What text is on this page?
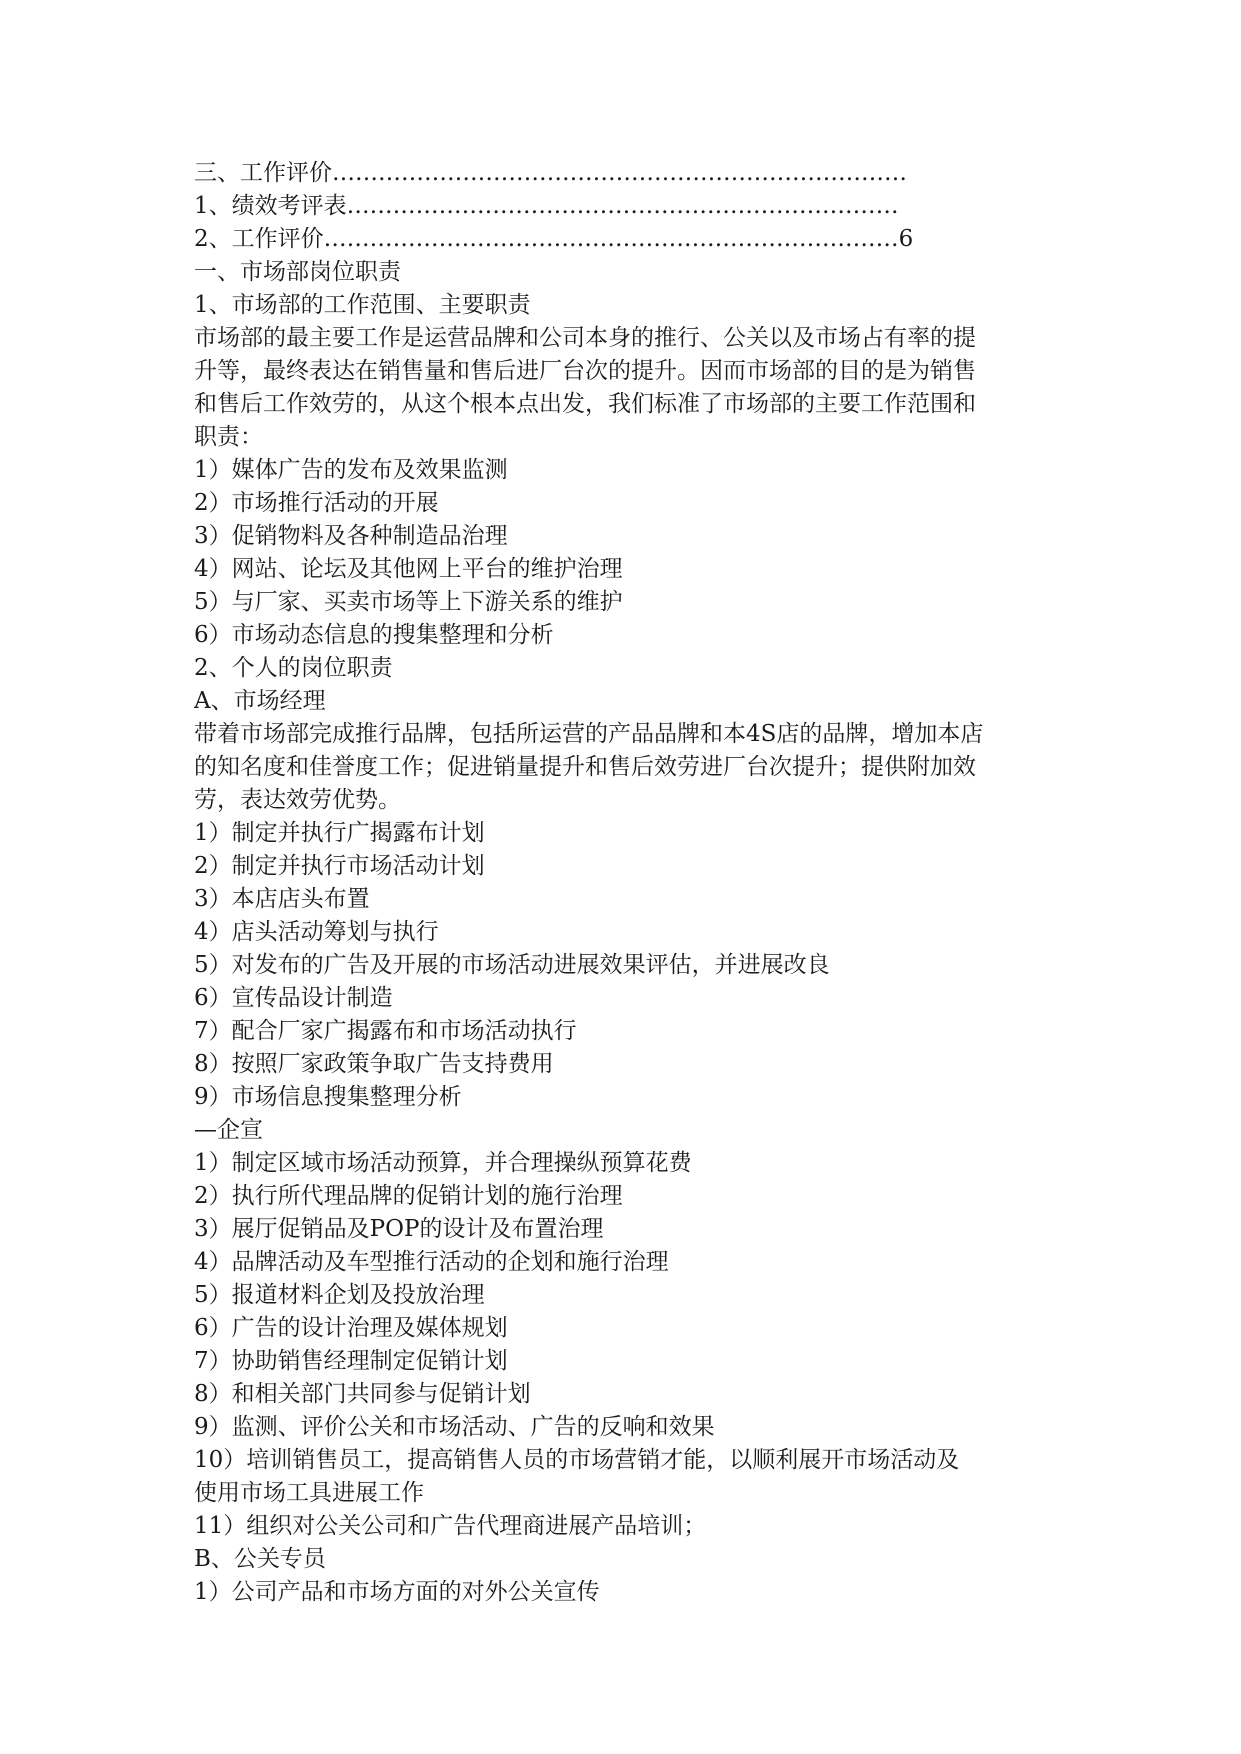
三、工作评价…………………………………………………………………
1、绩效考评表………………………………………………………………
2、工作评价…………………………………………………………………6
一、市场部岗位职责
1、市场部的工作范围、主要职责
市场部的最主要工作是运营品牌和公司本身的推行、公关以及市场占有率的提
升等，最终表达在销售量和售后进厂台次的提升。因而市场部的目的是为销售
和售后工作效劳的，从这个根本点出发，我们标准了市场部的主要工作范围和
职责：
1）媒体广告的发布及效果监测
2）市场推行活动的开展
3）促销物料及各种制造品治理
4）网站、论坛及其他网上平台的维护治理
5）与厂家、买卖市场等上下游关系的维护
6）市场动态信息的搜集整理和分析
2、个人的岗位职责
A、市场经理
带着市场部完成推行品牌，包括所运营的产品品牌和本4S店的品牌，增加本店
的知名度和佳誉度工作；促进销量提升和售后效劳进厂台次提升；提供附加效
劳，表达效劳优势。
1）制定并执行广揭露布计划
2）制定并执行市场活动计划
3）本店店头布置
4）店头活动筹划与执行
5）对发布的广告及开展的市场活动进展效果评估，并进展改良
6）宣传品设计制造
7）配合厂家广揭露布和市场活动执行
8）按照厂家政策争取广告支持费用
9）市场信息搜集整理分析
—企宣
1）制定区域市场活动预算，并合理操纵预算花费
2）执行所代理品牌的促销计划的施行治理
3）展厅促销品及POP的设计及布置治理
4）品牌活动及车型推行活动的企划和施行治理
5）报道材料企划及投放治理
6）广告的设计治理及媒体规划
7）协助销售经理制定促销计划
8）和相关部门共同参与促销计划
9）监测、评价公关和市场活动、广告的反响和效果
10）培训销售员工，提高销售人员的市场营销才能，以顺利展开市场活动及
使用市场工具进展工作
11）组织对公关公司和广告代理商进展产品培训；
B、公关专员
1）公司产品和市场方面的对外公关宣传
